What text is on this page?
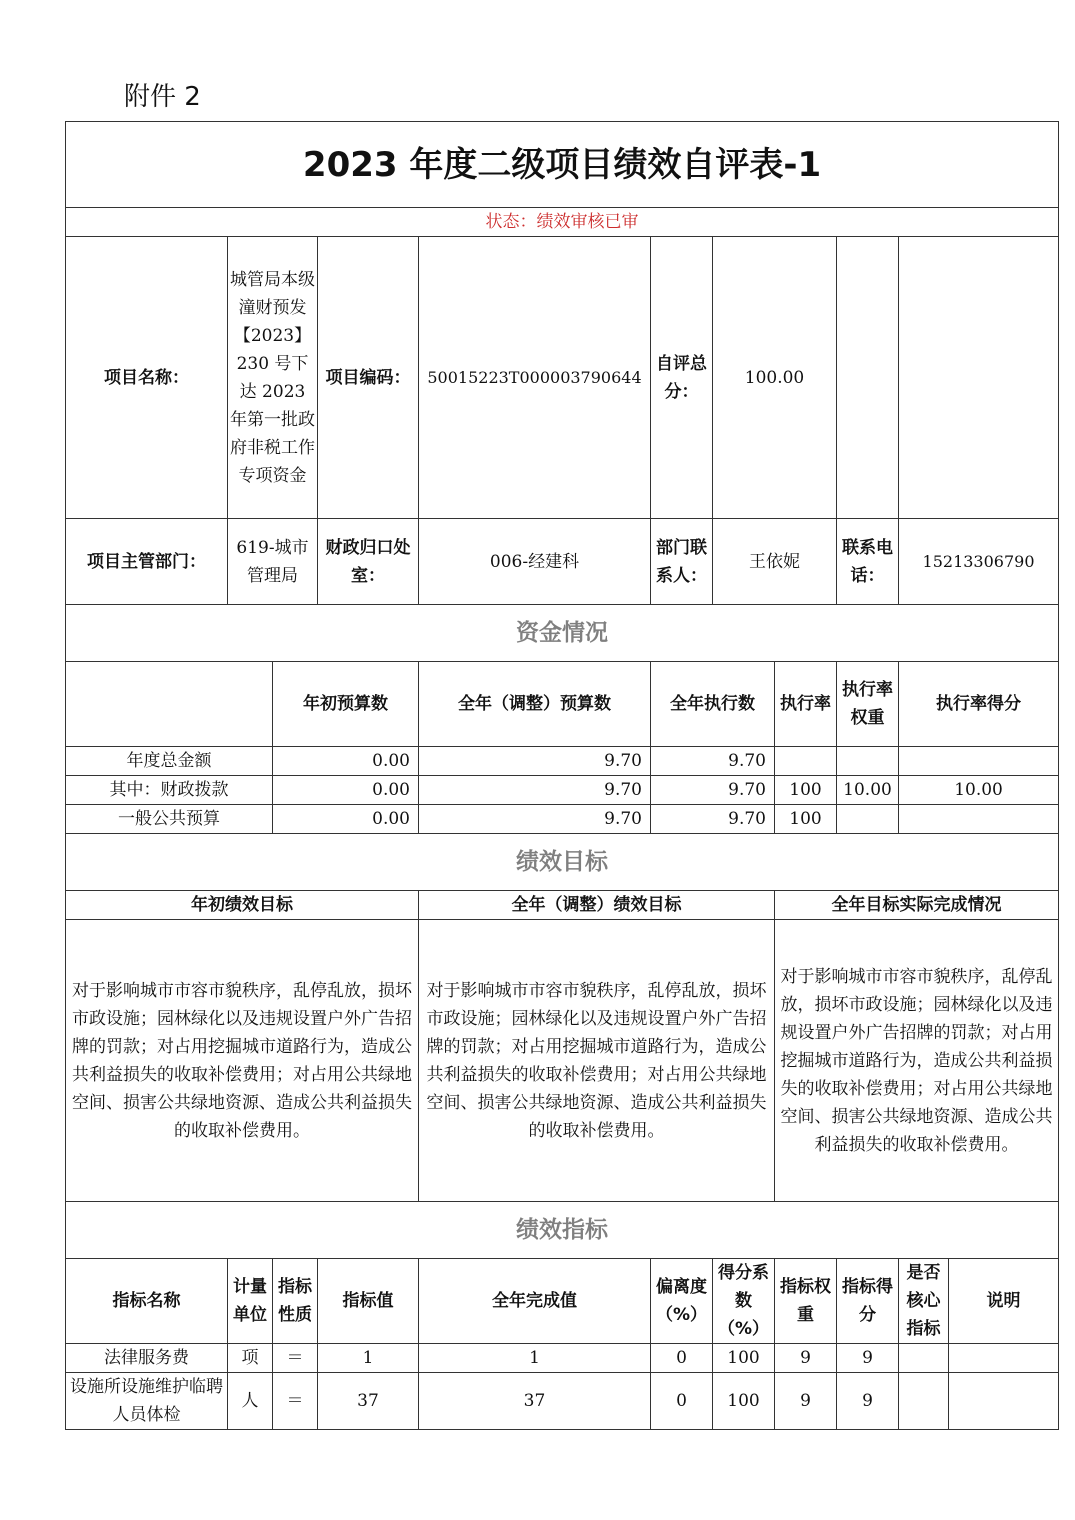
附件 2
2023 年度二级项目绩效自评表-1										
状态：绩效审核已审										
项目名称：	城管局本级潼财预发【2023】230 号下达 2023 年第一批政府非税工作专项资金		项目编码：	50015223T000003790644	自评总分：	100.00				
项目主管部门：	619-城市管理局		财政归口处室：	006-经建科	部门联系人：	王依妮		联系电话：	15213306790	
资金情况										
		年初预算数		全年（调整）预算数	全年执行数		执行率	执行率权重	执行率得分	
年度总金额		0.00		9.70	9.70					
其中：财政拨款		0.00		9.70	9.70		100	10.00	10.00	
一般公共预算		0.00		9.70	9.70		100			
绩效目标										
年初绩效目标				全年（调整）绩效目标			全年目标实际完成情况			
对于影响城市市容市貌秩序，乱停乱放，损坏市政设施；园林绿化以及违规设置户外广告招牌的罚款；对占用挖掘城市道路行为，造成公共利益损失的收取补偿费用；对占用公共绿地空间、损害公共绿地资源、造成公共利益损失的收取补偿费用。				对于影响城市市容市貌秩序，乱停乱放，损坏市政设施；园林绿化以及违规设置户外广告招牌的罚款；对占用挖掘城市道路行为，造成公共利益损失的收取补偿费用；对占用公共绿地空间、损害公共绿地资源、造成公共利益损失的收取补偿费用。			对于影响城市市容市貌秩序，乱停乱放，损坏市政设施；园林绿化以及违规设置户外广告招牌的罚款；对占用挖掘城市道路行为，造成公共利益损失的收取补偿费用；对占用公共绿地空间、损害公共绿地资源、造成公共利益损失的收取补偿费用。			
绩效指标										
指标名称	计量单位	指标性质	指标值	全年完成值	偏离度（%）	得分系数（%）	指标权重	指标得分	是否核心指标	说明
法律服务费	项	＝	1	1	0	100	9	9		
设施所设施维护临聘人员体检	人	＝	37	37	0	100	9	9		
